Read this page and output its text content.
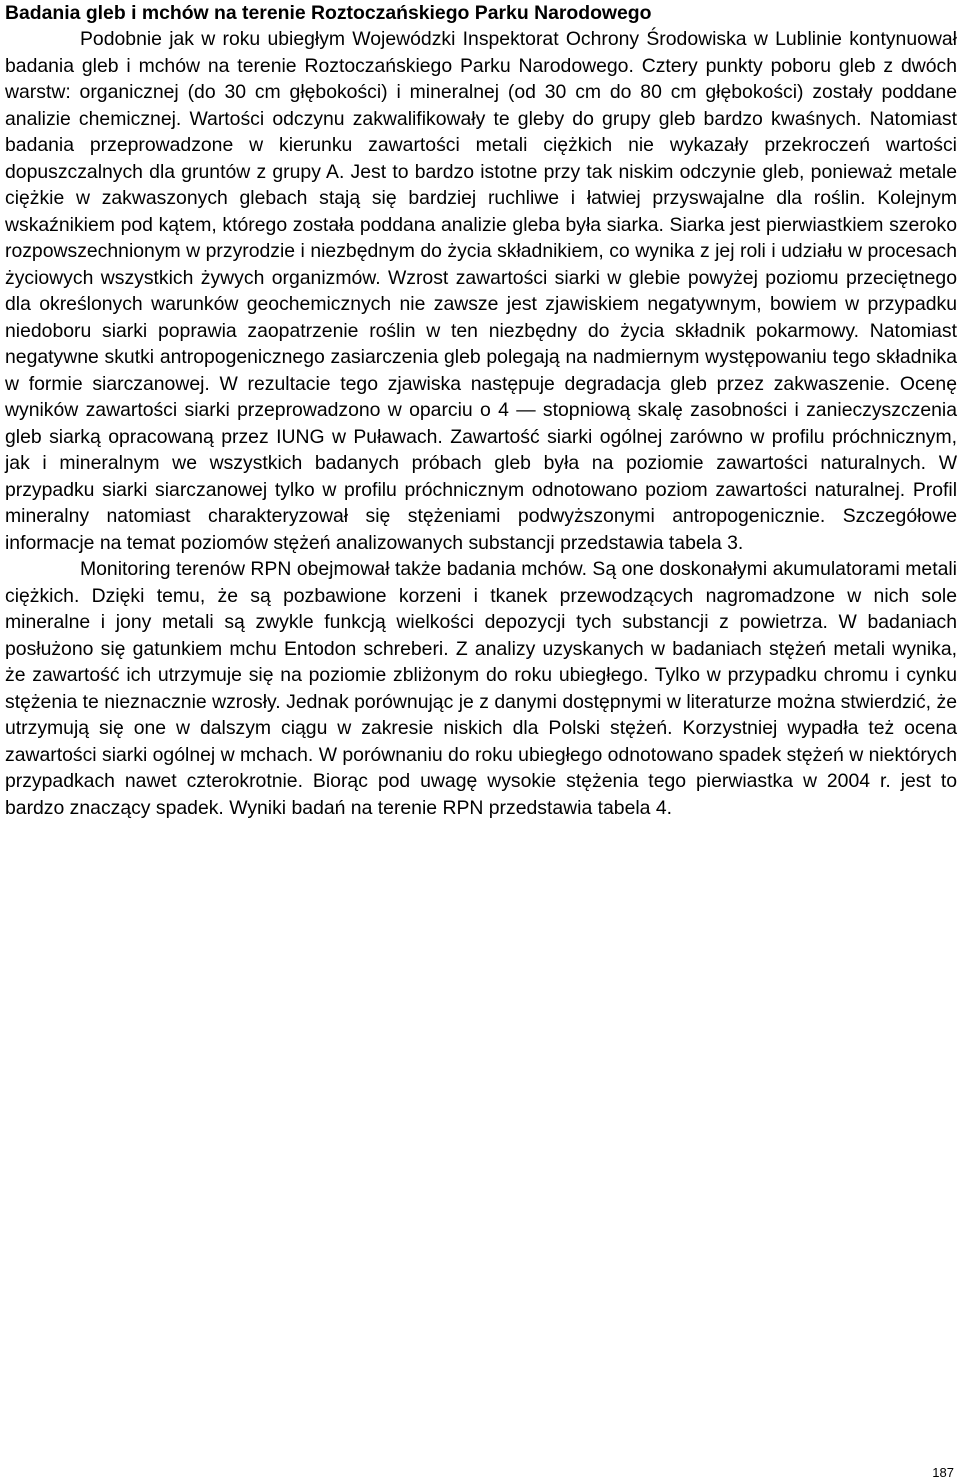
Badania gleb i mchów na terenie Roztoczańskiego Parku Narodowego

Podobnie jak w roku ubiegłym Wojewódzki Inspektorat Ochrony Środowiska w Lublinie kontynuował badania gleb i mchów na terenie Roztoczańskiego Parku Narodowego. Cztery punkty poboru gleb z dwóch warstw: organicznej (do 30 cm głębokości) i mineralnej (od 30 cm do 80 cm głębokości) zostały poddane analizie chemicznej. Wartości odczynu zakwalifikowały te gleby do grupy gleb bardzo kwaśnych. Natomiast badania przeprowadzone w kierunku zawartości metali ciężkich nie wykazały przekroczeń wartości dopuszczalnych dla gruntów z grupy A. Jest to bardzo istotne przy tak niskim odczynie gleb, ponieważ metale ciężkie w zakwaszonych glebach stają się bardziej ruchliwe i łatwiej przyswajalne dla roślin. Kolejnym wskaźnikiem pod kątem, którego została poddana analizie gleba była siarka. Siarka jest pierwiastkiem szeroko rozpowszechnionym w przyrodzie i niezbędnym do życia składnikiem, co wynika z jej roli i udziału w procesach życiowych wszystkich żywych organizmów. Wzrost zawartości siarki w glebie powyżej poziomu przeciętnego dla określonych warunków geochemicznych nie zawsze jest zjawiskiem negatywnym, bowiem w przypadku niedoboru siarki poprawia zaopatrzenie roślin w ten niezbędny do życia składnik pokarmowy. Natomiast negatywne skutki antropogenicznego zasiarczenia gleb polegają na nadmiernym występowaniu tego składnika w formie siarczanowej. W rezultacie tego zjawiska następuje degradacja gleb przez zakwaszenie. Ocenę wyników zawartości siarki przeprowadzono w oparciu o 4 — stopniową skalę zasobności i zanieczyszczenia gleb siarką opracowaną przez IUNG w Puławach. Zawartość siarki ogólnej zarówno w profilu próchnicznym, jak i mineralnym we wszystkich badanych próbach gleb była na poziomie zawartości naturalnych. W przypadku siarki siarczanowej tylko w profilu próchnicznym odnotowano poziom zawartości naturalnej. Profil mineralny natomiast charakteryzował się stężeniami podwyższonymi antropogenicznie. Szczegółowe informacje na temat poziomów stężeń analizowanych substancji przedstawia tabela 3.

Monitoring terenów RPN obejmował także badania mchów. Są one doskonałymi akumulatorami metali ciężkich. Dzięki temu, że są pozbawione korzeni i tkanek przewodzących nagromadzone w nich sole mineralne i jony metali są zwykle funkcją wielkości depozycji tych substancji z powietrza. W badaniach posłużono się gatunkiem mchu Entodon schreberi. Z analizy uzyskanych w badaniach stężeń metali wynika, że zawartość ich utrzymuje się na poziomie zbliżonym do roku ubiegłego. Tylko w przypadku chromu i cynku stężenia te nieznacznie wzrosły. Jednak porównując je z danymi dostępnymi w literaturze można stwierdzić, że utrzymują się one w dalszym ciągu w zakresie niskich dla Polski stężeń. Korzystniej wypadła też ocena zawartości siarki ogólnej w mchach. W porównaniu do roku ubiegłego odnotowano spadek stężeń w niektórych przypadkach nawet czterokrotnie. Biorąc pod uwagę wysokie stężenia tego pierwiastka w 2004 r. jest to bardzo znaczący spadek. Wyniki badań na terenie RPN przedstawia tabela 4.

187
